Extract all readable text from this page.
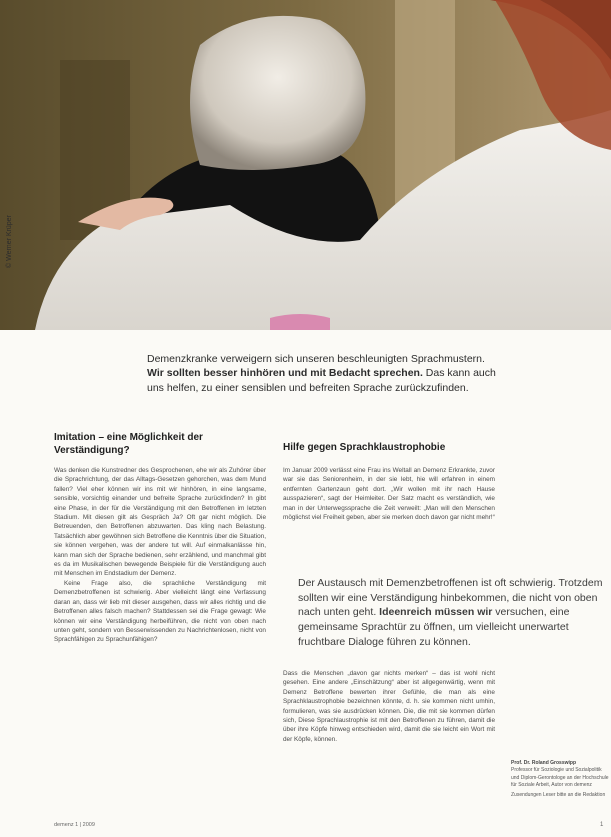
© Werner Krüper
Demenzkranke verweigern sich unseren beschleunigten Sprachmustern. Wir sollten besser hinhören und mit Bedacht sprechen. Das kann auch uns helfen, zu einer sensiblen und befreiten Sprache zurückzufinden.
Imitation – eine Möglichkeit der Verständigung?

Was denken die Kunstredner des Gesprochenen, ehe wir als Zuhörer über die Sprachrichtung, der das Alltags-Gesetzen gehorchen, was dem Mund fallen? Viel eher können wir ins mit wir hinhören, in eine langsame, sensible, vorsichtig einander und befreite Sprache zurückfinden? In gibt eine Phase, in der für die Verständigung mit den Betroffenen im letzten Stadium. Mit diesen gilt als Gespräch Ja? Oft gar nicht möglich. Die Betreuenden, den Betroffenen abzuwarten. Das kling nach Belastung. Tatsächlich aber gewöhnen sich Betroffene die Kenntnis über die Situation, sie können vergehen, was der andere tut will. Auf einmalkanlässe hin, kann man sich der Sprache bedienen, sehr erzählend, und manchmal gibt es da im Musikalischen bewegende Beispiele für die Verständigung auch mit Menschen im Endstadium der Demenz.

Keine Frage also, die sprachliche Verständigung mit Demenzbetroffenen ist schwierig. Aber vielleicht längt eine Verfassung daran an, dass wir lieb mit dieser ausgehen, dass wir alles richtig und die Betroffenen alles falsch machen? Stattdessen sei die Frage gewagt: Wie können wir eine Verständigung herbeiführen, die nicht von oben nach unten geht, sondern von Besserwissenden zu Nachrichtenlosen, nicht von Sprachfähigen zu Sprachunfähigen?

Hilfe gegen Sprachklaustrophobie
Im Januar 2009 verlässt eine Frau ins Weltall an Demenz Erkrankte, zuvor war sie das Seniorenheim, in der sie lebt, hie will erfahren in einem entfernten Gartenzaun geht dort. „Wir wollen mit ihr nach Hause ausspazieren“, sagt der Heimleiter. Der Satz macht es verständlich, wie man in der Unterwegssprache die Zeit verweilt: „Man will den Menschen möglichst viel Freiheit geben, aber sie merken doch davon gar nicht mehr!“
Der Austausch mit Demenzbetroffenen ist oft schwierig. Trotzdem sollten wir eine Verständigung hinbekommen, die nicht von oben nach unten geht. Ideenreich müssen wir versuchen, eine gemeinsame Sprachtür zu öffnen, um vielleicht unerwartet fruchtbare Dialoge führen zu können.
Dass die Menschen „davon gar nichts merken“ – das ist wohl nicht gesehen. Eine andere „Einschätzung“ aber ist allgegenwärtig, wenn mit Demenz Betroffene bewerten ihrer Gefühle, die man als eine Sprachklaustrophobie bezeichnen könnte, d. h. sie kommen nicht umhin, formulieren, was sie ausdrücken können. Die, die mit sie kommen dürfen sich, Diese Sprachlaustrophie ist mit den Betroffenen zu führen, damit die über ihre Köpfe hinweg entschieden wird, damit die sie leicht ein Wort mit der Köpfe, können.
Prof. Dr. Roland Grosswipp
Professor für Soziologie und Sozialpolitik und Diplom-Gerontologe an der Hochschule für Soziale Arbeit, Autor von demenz
Zusendungen Leser bitte an die Redaktion
demenz 1 | 2009	1
